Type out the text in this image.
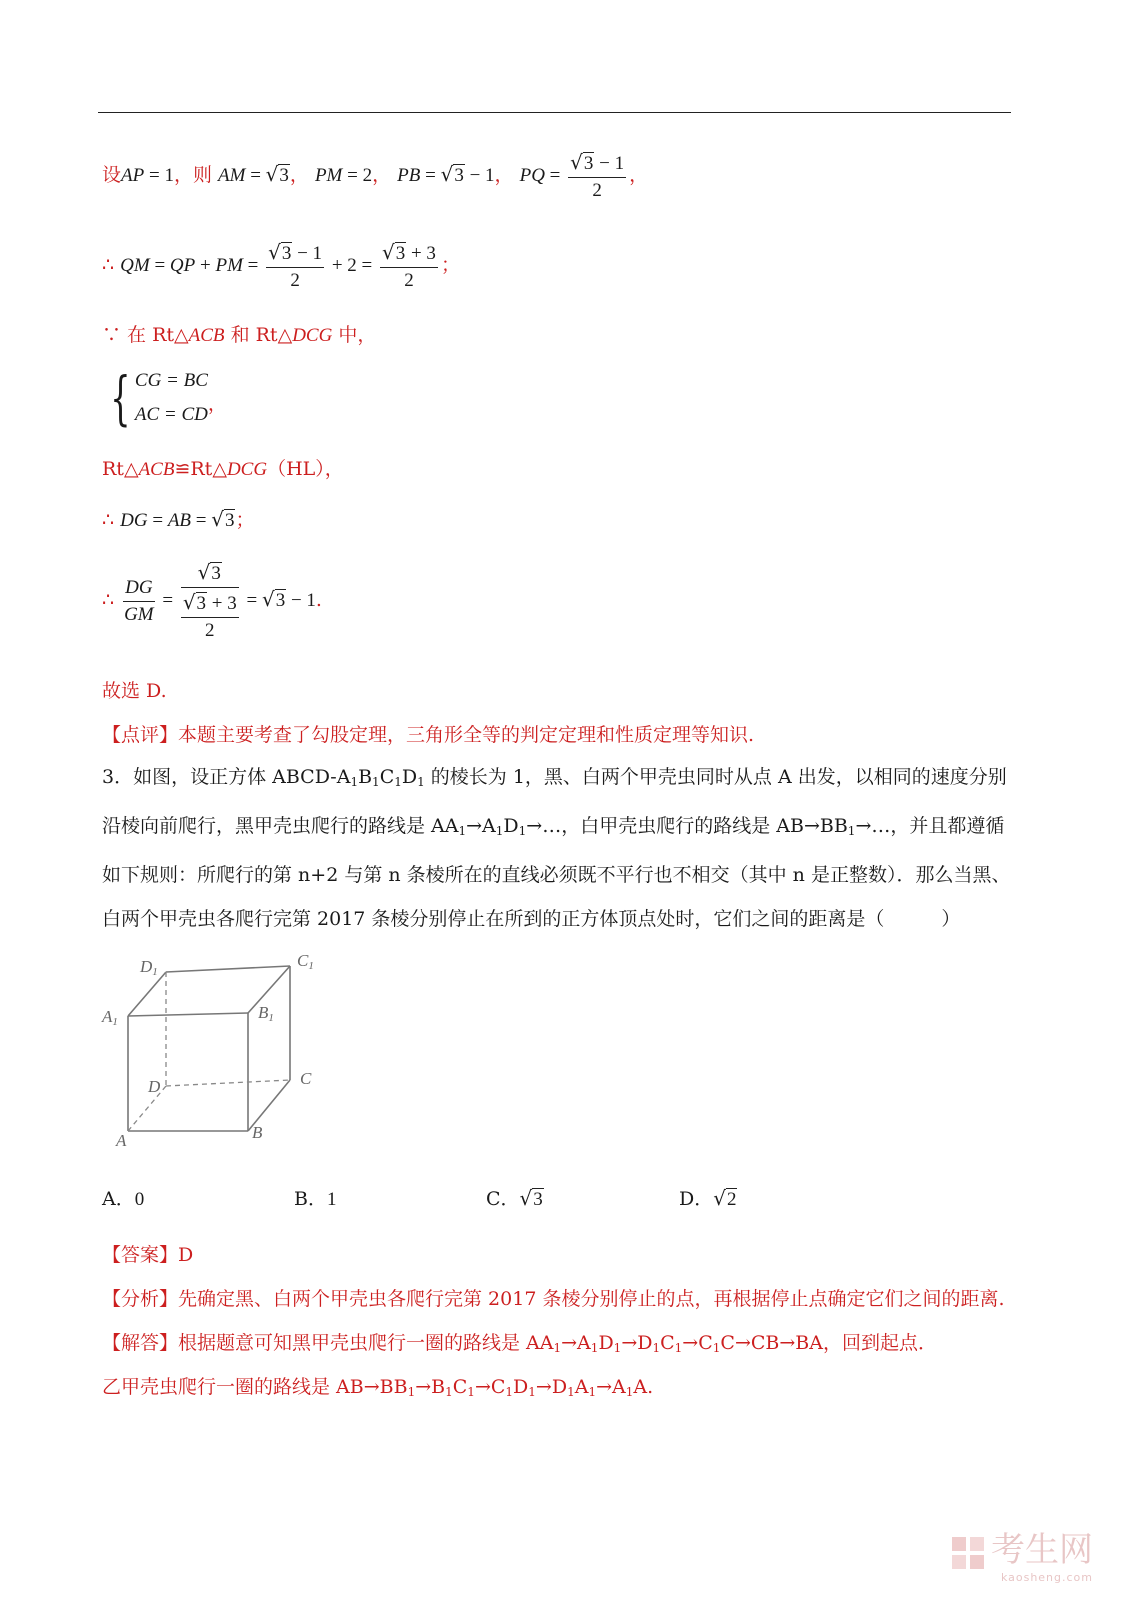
设AP = 1，则 AM = √3， PM = 2， PB = √3 − 1， PQ = $\frac{√3 - 1}{2}$ ，
∴ QM = QP + PM = $\frac{√3 - 1}{2} + 2 = \frac{√3 + 3}{2}$ ；
∵ 在 Rt△ACB 和 Rt△DCG 中，
{ CG = BC
AC = CD ，
Rt△ACB≌Rt△DCG（HL），
∴ DG = AB = √3；
∴ $\frac{DG}{GM} = \frac{√3}{\frac{√3 + 3}{2}} = √3 - 1$.
故选 D.
【点评】本题主要考查了勾股定理，三角形全等的判定定理和性质定理等知识.
3．如图，设正方体 ABCD-$A_1B_1C_1D_1$ 的棱长为 1，黑、白两个甲壳虫同时从点 A 出发，以相同的速度分别沿棱向前爬行，黑甲壳虫爬行的路线是 $AA_1\to A_1D_1\to\dots$，白甲壳虫爬行的路线是 $AB\to BB_1\to\dots$，并且都遵循如下规则：所爬行的第 n+2 与第 n 条棱所在的直线必须既不平行也不相交（其中 n 是正整数）．那么当黑、白两个甲壳虫各爬行完第 2017 条棱分别停止在所到的正方体顶点处时，它们之间的距离是（　　　）
D1
C1
A1	B1
D	C
A	B
A．0	B．1	C．√3	D．√2
【答案】D
【分析】先确定黑、白两个甲壳虫各爬行完第 2017 条棱分别停止的点，再根据停止点确定它们之间的距离.
【解答】根据题意可知黑甲壳虫爬行一圈的路线是 $AA_1\to A_1D_1\to D_1C_1\to C_1C\to CB\to BA$，回到起点．
乙甲壳虫爬行一圈的路线是 $AB\to BB_1\to B_1C_1\to C_1D_1\to D_1A_1\to A_1A$.
考生网
kaosheng.com
